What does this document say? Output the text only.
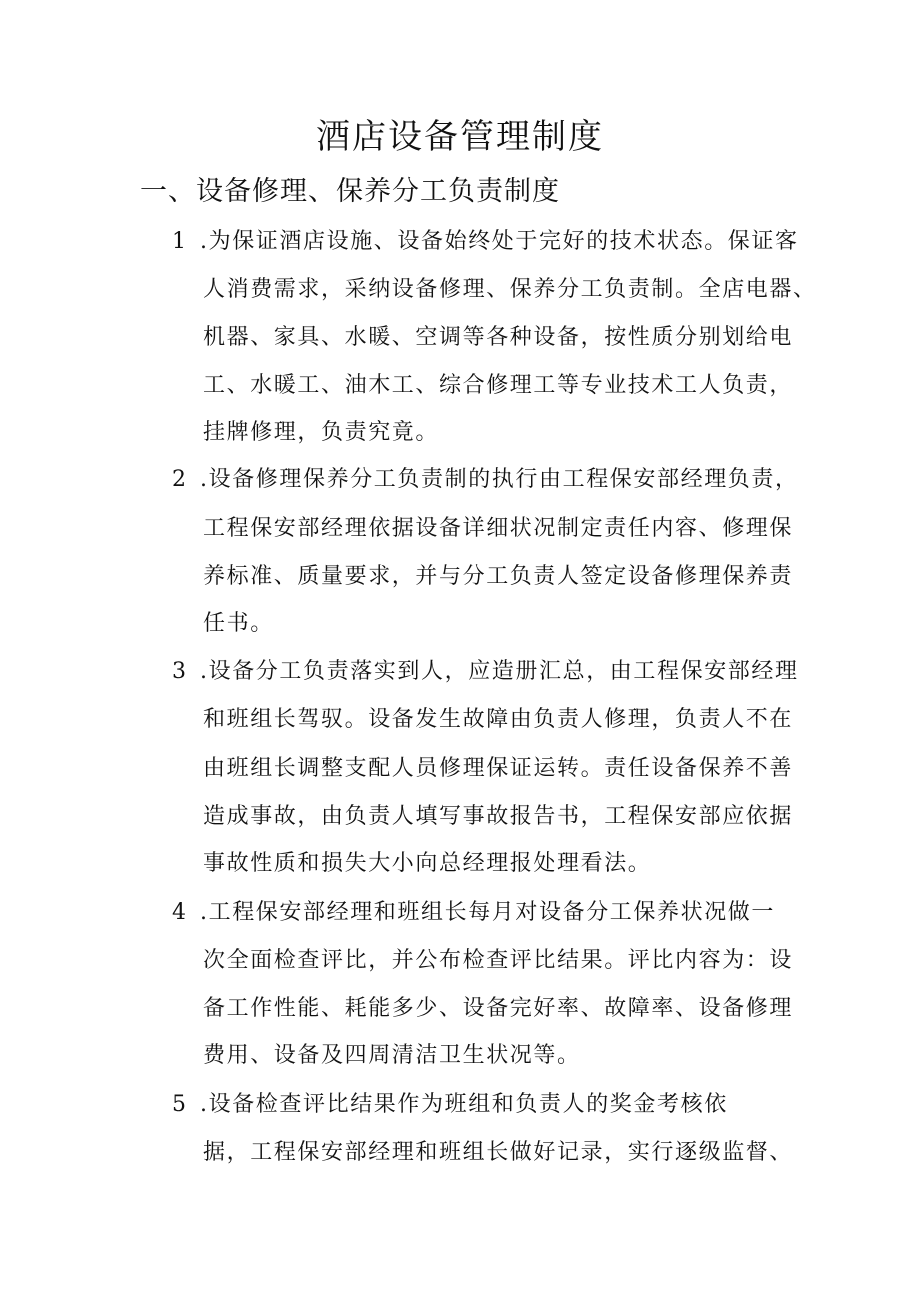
酒店设备管理制度
一、设备修理、保养分工负责制度
1 .为保证酒店设施、设备始终处于完好的技术状态。保证客
人消费需求，采纳设备修理、保养分工负责制。全店电器、
机器、家具、水暖、空调等各种设备，按性质分别划给电
工、水暖工、油木工、综合修理工等专业技术工人负责，
挂牌修理，负责究竟。
2 .设备修理保养分工负责制的执行由工程保安部经理负责，
工程保安部经理依据设备详细状况制定责任内容、修理保
养标准、质量要求，并与分工负责人签定设备修理保养责
任书。
3 .设备分工负责落实到人，应造册汇总，由工程保安部经理
和班组长驾驭。设备发生故障由负责人修理，负责人不在
由班组长调整支配人员修理保证运转。责任设备保养不善
造成事故，由负责人填写事故报告书，工程保安部应依据
事故性质和损失大小向总经理报处理看法。
4 .工程保安部经理和班组长每月对设备分工保养状况做一
次全面检查评比，并公布检查评比结果。评比内容为：设
备工作性能、耗能多少、设备完好率、故障率、设备修理
费用、设备及四周清洁卫生状况等。
5 .设备检查评比结果作为班组和负责人的奖金考核依
据，工程保安部经理和班组长做好记录，实行逐级监督、
